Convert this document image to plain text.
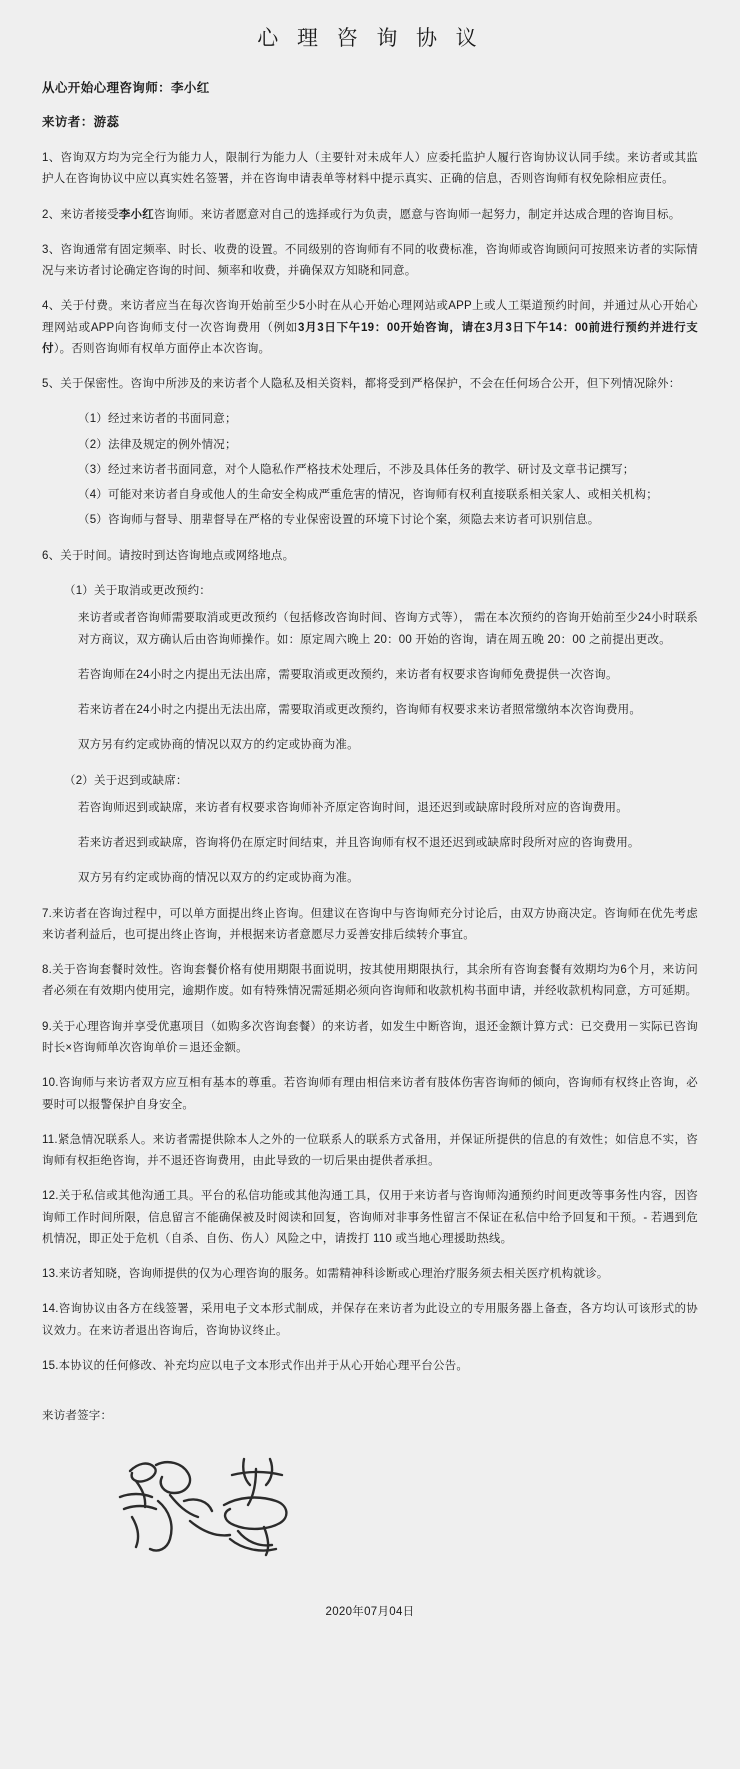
心 理 咨 询 协 议
从心开始心理咨询师：李小红
来访者：游蕊

1、咨询双方均为完全行为能力人，限制行为能力人（主要针对未成年人）应委托监护人履行咨询协议认同手续。来访者或其监护人在咨询协议中应以真实姓名签署，并在咨询申请表单等材料中提示真实、正确的信息，否则咨询师有权免除相应责任。

2、来访者接受李小红咨询师。来访者愿意对自己的选择或行为负责，愿意与咨询师一起努力，制定并达成合理的咨询目标。

3、咨询通常有固定频率、时长、收费的设置。不同级别的咨询师有不同的收费标准，咨询师或咨询顾问可按照来访者的实际情况与来访者讨论确定咨询的时间、频率和收费，并确保双方知晓和同意。

4、关于付费。来访者应当在每次咨询开始前至少5小时在从心开始心理网站或APP上或人工渠道预约时间，并通过从心开始心理网站或APP向咨询师支付一次咨询费用（例如3月3日下午19：00开始咨询，请在3月3日下午14：00前进行预约并进行支付）。否则咨询师有权单方面停止本次咨询。

5、关于保密性。咨询中所涉及的来访者个人隐私及相关资料，都将受到严格保护，不会在任何场合公开，但下列情况除外：

（1）经过来访者的书面同意；

（2）法律及规定的例外情况；

（3）经过来访者书面同意，对个人隐私作严格技术处理后，不涉及具体任务的教学、研讨及文章书记撰写；

（4）可能对来访者自身或他人的生命安全构成严重危害的情况，咨询师有权利直接联系相关家人、或相关机构；

（5）咨询师与督导、朋辈督导在严格的专业保密设置的环境下讨论个案，须隐去来访者可识别信息。

6、关于时间。请按时到达咨询地点或网络地点。

（1）关于取消或更改预约：

来访者或者咨询师需要取消或更改预约（包括修改咨询时间、咨询方式等）， 需在本次预约的咨询开始前至少24小时联系对方商议，双方确认后由咨询师操作。如：原定周六晚上 20：00 开始的咨询，请在周五晚 20：00 之前提出更改。

若咨询师在24小时之内提出无法出席，需要取消或更改预约，来访者有权要求咨询师免费提供一次咨询。

若来访者在24小时之内提出无法出席，需要取消或更改预约，咨询师有权要求来访者照常缴纳本次咨询费用。

双方另有约定或协商的情况以双方的约定或协商为准。

（2）关于迟到或缺席：

若咨询师迟到或缺席，来访者有权要求咨询师补齐原定咨询时间，退还迟到或缺席时段所对应的咨询费用。

若来访者迟到或缺席，咨询将仍在原定时间结束，并且咨询师有权不退还迟到或缺席时段所对应的咨询费用。

双方另有约定或协商的情况以双方的约定或协商为准。

7.来访者在咨询过程中，可以单方面提出终止咨询。但建议在咨询中与咨询师充分讨论后，由双方协商决定。咨询师在优先考虑来访者利益后，也可提出终止咨询，并根据来访者意愿尽力妥善安排后续转介事宜。

8.关于咨询套餐时效性。咨询套餐价格有使用期限书面说明，按其使用期限执行，其余所有咨询套餐有效期均为6个月，来访问者必须在有效期内使用完，逾期作废。如有特殊情况需延期必须向咨询师和收款机构书面申请，并经收款机构同意，方可延期。

9.关于心理咨询并享受优惠项目（如购多次咨询套餐）的来访者，如发生中断咨询，退还金额计算方式：已交费用－实际已咨询时长×咨询师单次咨询单价＝退还金额。

10.咨询师与来访者双方应互相有基本的尊重。若咨询师有理由相信来访者有肢体伤害咨询师的倾向，咨询师有权终止咨询，必要时可以报警保护自身安全。

11.紧急情况联系人。来访者需提供除本人之外的一位联系人的联系方式备用，并保证所提供的信息的有效性；如信息不实，咨询师有权拒绝咨询，并不退还咨询费用，由此导致的一切后果由提供者承担。

12.关于私信或其他沟通工具。平台的私信功能或其他沟通工具，仅用于来访者与咨询师沟通预约时间更改等事务性内容，因咨询师工作时间所限，信息留言不能确保被及时阅读和回复，咨询师对非事务性留言不保证在私信中给予回复和干预。- 若遇到危机情况，即正处于危机（自杀、自伤、伤人）风险之中，请拨打 110 或当地心理援助热线。

13.来访者知晓，咨询师提供的仅为心理咨询的服务。如需精神科诊断或心理治疗服务须去相关医疗机构就诊。

14.咨询协议由各方在线签署，采用电子文本形式制成，并保存在来访者为此设立的专用服务器上备查，各方均认可该形式的协议效力。在来访者退出咨询后，咨询协议终止。

15.本协议的任何修改、补充均应以电子文本形式作出并于从心开始心理平台公告。

来访者签字：
2020年07月04日
